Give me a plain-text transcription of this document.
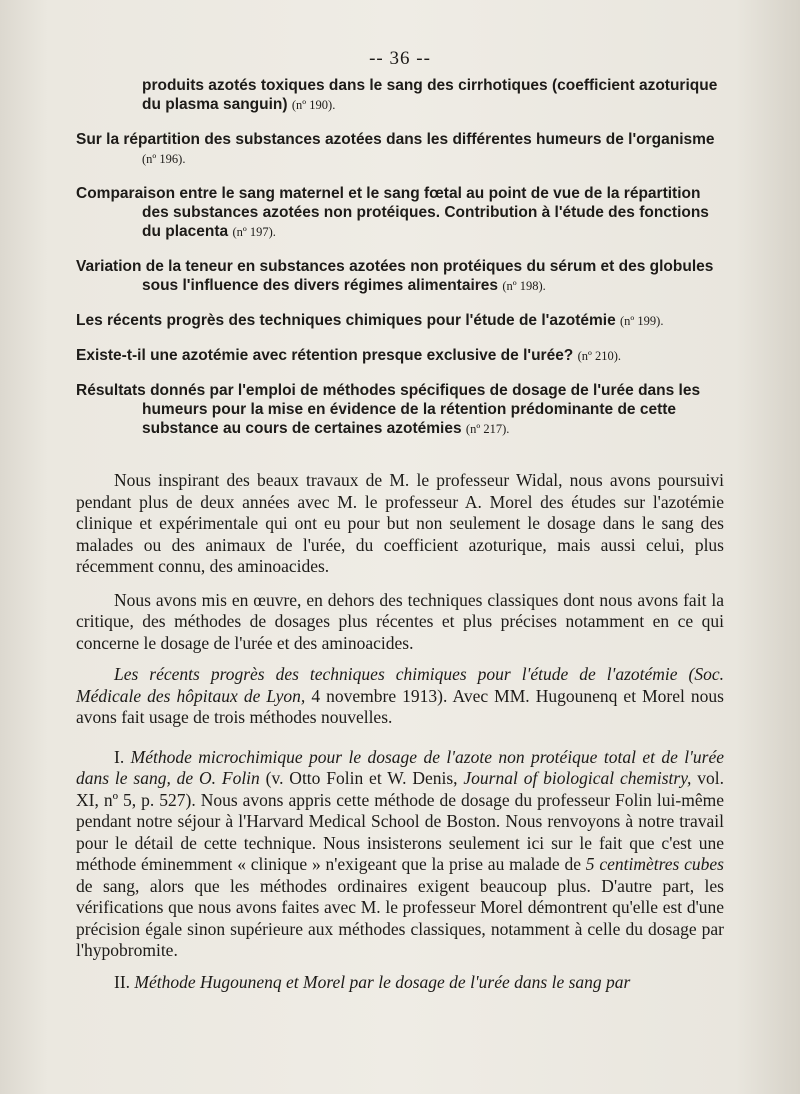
-- 36 --
produits azotés toxiques dans le sang des cirrhotiques (coefficient azoturique du plasma sanguin) (nº 190).
Sur la répartition des substances azotées dans les différentes humeurs de l'organisme (nº 196).
Comparaison entre le sang maternel et le sang fœtal au point de vue de la répartition des substances azotées non protéiques. Contribution à l'étude des fonctions du placenta (nº 197).
Variation de la teneur en substances azotées non protéiques du sérum et des globules sous l'influence des divers régimes alimentaires (nº 198).
Les récents progrès des techniques chimiques pour l'étude de l'azotémie (nº 199).
Existe-t-il une azotémie avec rétention presque exclusive de l'urée? (nº 210).
Résultats donnés par l'emploi de méthodes spécifiques de dosage de l'urée dans les humeurs pour la mise en évidence de la rétention prédominante de cette substance au cours de certaines azotémies (nº 217).

Nous inspirant des beaux travaux de M. le professeur Widal, nous avons poursuivi pendant plus de deux années avec M. le professeur A. Morel des études sur l'azotémie clinique et expérimentale qui ont eu pour but non seulement le dosage dans le sang des malades ou des animaux de l'urée, du coefficient azoturique, mais aussi celui, plus récemment connu, des aminoacides.

Nous avons mis en œuvre, en dehors des techniques classiques dont nous avons fait la critique, des méthodes de dosages plus récentes et plus précises notamment en ce qui concerne le dosage de l'urée et des aminoacides.

Les récents progrès des techniques chimiques pour l'étude de l'azotémie (Soc. Médicale des hôpitaux de Lyon, 4 novembre 1913). Avec MM. Hugounenq et Morel nous avons fait usage de trois méthodes nouvelles.

I. Méthode microchimique pour le dosage de l'azote non protéique total et de l'urée dans le sang, de O. Folin (v. Otto Folin et W. Denis, Journal of biological chemistry, vol. XI, nº 5, p. 527). Nous avons appris cette méthode de dosage du professeur Folin lui-même pendant notre séjour à l'Harvard Medical School de Boston. Nous renvoyons à notre travail pour le détail de cette technique. Nous insisterons seulement ici sur le fait que c'est une méthode éminemment « clinique » n'exigeant que la prise au malade de 5 centimètres cubes de sang, alors que les méthodes ordinaires exigent beaucoup plus. D'autre part, les vérifications que nous avons faites avec M. le professeur Morel démontrent qu'elle est d'une précision égale sinon supérieure aux méthodes classiques, notamment à celle du dosage par l'hypobromite.

II. Méthode Hugounenq et Morel par le dosage de l'urée dans le sang par
